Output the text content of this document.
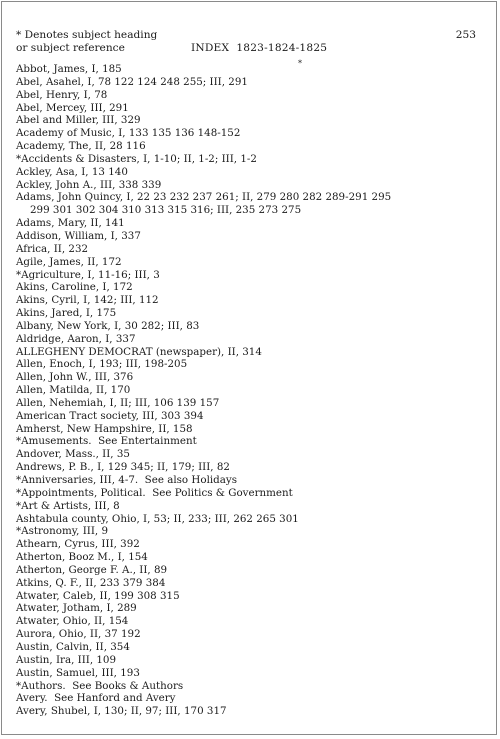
* Denotes subject heading
or subject reference	INDEX  1823-1824-1825
253
*
Abbot, James, I, 185
Abel, Asahel, I, 78 122 124 248 255; III, 291
Abel, Henry, I, 78
Abel, Mercey, III, 291
Abel and Miller, III, 329
Academy of Music, I, 133 135 136 148-152
Academy, The, II, 28 116
*Accidents & Disasters, I, 1-10; II, 1-2; III, 1-2
Ackley, Asa, I, 13 140
Ackley, John A., III, 338 339
Adams, John Quincy, I, 22 23 232 237 261; II, 279 280 282 289-291 295
299 301 302 304 310 313 315 316; III, 235 273 275
Adams, Mary, II, 141
Addison, William, I, 337
Africa, II, 232
Agile, James, II, 172
*Agriculture, I, 11-16; III, 3
Akins, Caroline, I, 172
Akins, Cyril, I, 142; III, 112
Akins, Jared, I, 175
Albany, New York, I, 30 282; III, 83
Aldridge, Aaron, I, 337
ALLEGHENY DEMOCRAT (newspaper), II, 314
Allen, Enoch, I, 193; III, 198-205
Allen, John W., III, 376
Allen, Matilda, II, 170
Allen, Nehemiah, I, II; III, 106 139 157
American Tract society, III, 303 394
Amherst, New Hampshire, II, 158
*Amusements.  See Entertainment
Andover, Mass., II, 35
Andrews, P. B., I, 129 345; II, 179; III, 82
*Anniversaries, III, 4-7.  See also Holidays
*Appointments, Political.  See Politics & Government
*Art & Artists, III, 8
Ashtabula county, Ohio, I, 53; II, 233; III, 262 265 301
*Astronomy, III, 9
Athearn, Cyrus, III, 392
Atherton, Booz M., I, 154
Atherton, George F. A., II, 89
Atkins, Q. F., II, 233 379 384
Atwater, Caleb, II, 199 308 315
Atwater, Jotham, I, 289
Atwater, Ohio, II, 154
Aurora, Ohio, II, 37 192
Austin, Calvin, II, 354
Austin, Ira, III, 109
Austin, Samuel, III, 193
*Authors.  See Books & Authors
Avery.  See Hanford and Avery
Avery, Shubel, I, 130; II, 97; III, 170 317
